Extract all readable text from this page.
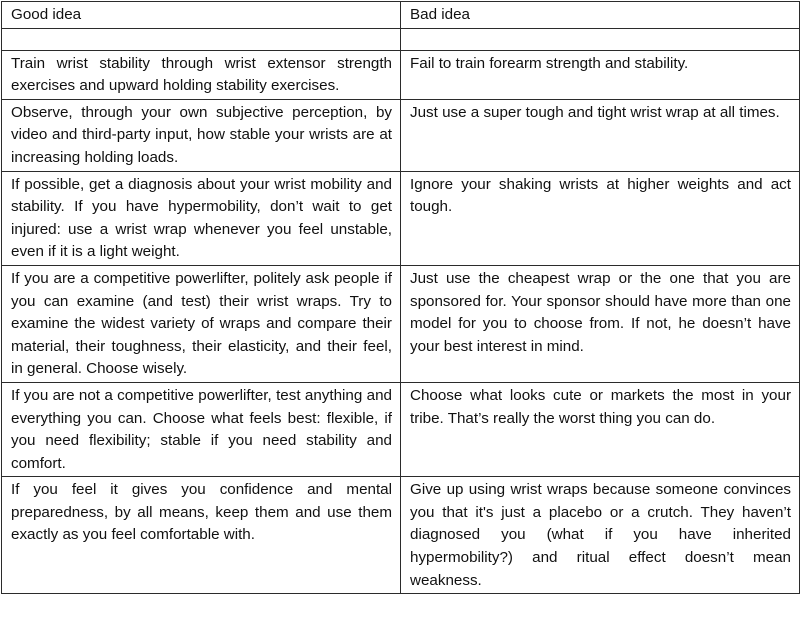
Good idea	Bad idea

Train wrist stability through wrist extensor strength exercises and upward holding stability exercises.	Fail to train forearm strength and stability.
Observe, through your own subjective perception, by video and third-party input, how stable your wrists are at increasing holding loads.	Just use a super tough and tight wrist wrap at all times.
If possible, get a diagnosis about your wrist mobility and stability. If you have hypermobility, don’t wait to get injured: use a wrist wrap whenever you feel unstable, even if it is a light weight.	Ignore your shaking wrists at higher weights and act tough.
If you are a competitive powerlifter, politely ask people if you can examine (and test) their wrist wraps. Try to examine the widest variety of wraps and compare their material, their toughness, their elasticity, and their feel, in general. Choose wisely.	Just use the cheapest wrap or the one that you are sponsored for. Your sponsor should have more than one model for you to choose from. If not, he doesn’t have your best interest in mind.
If you are not a competitive powerlifter, test anything and everything you can. Choose what feels best: flexible, if you need flexibility; stable if you need stability and comfort.	Choose what looks cute or markets the most in your tribe. That’s really the worst thing you can do.
If you feel it gives you confidence and mental preparedness, by all means, keep them and use them exactly as you feel comfortable with.	Give up using wrist wraps because someone convinces you that it's just a placebo or a crutch. They haven’t diagnosed you (what if you have inherited hypermobility?) and ritual effect doesn’t mean weakness.
